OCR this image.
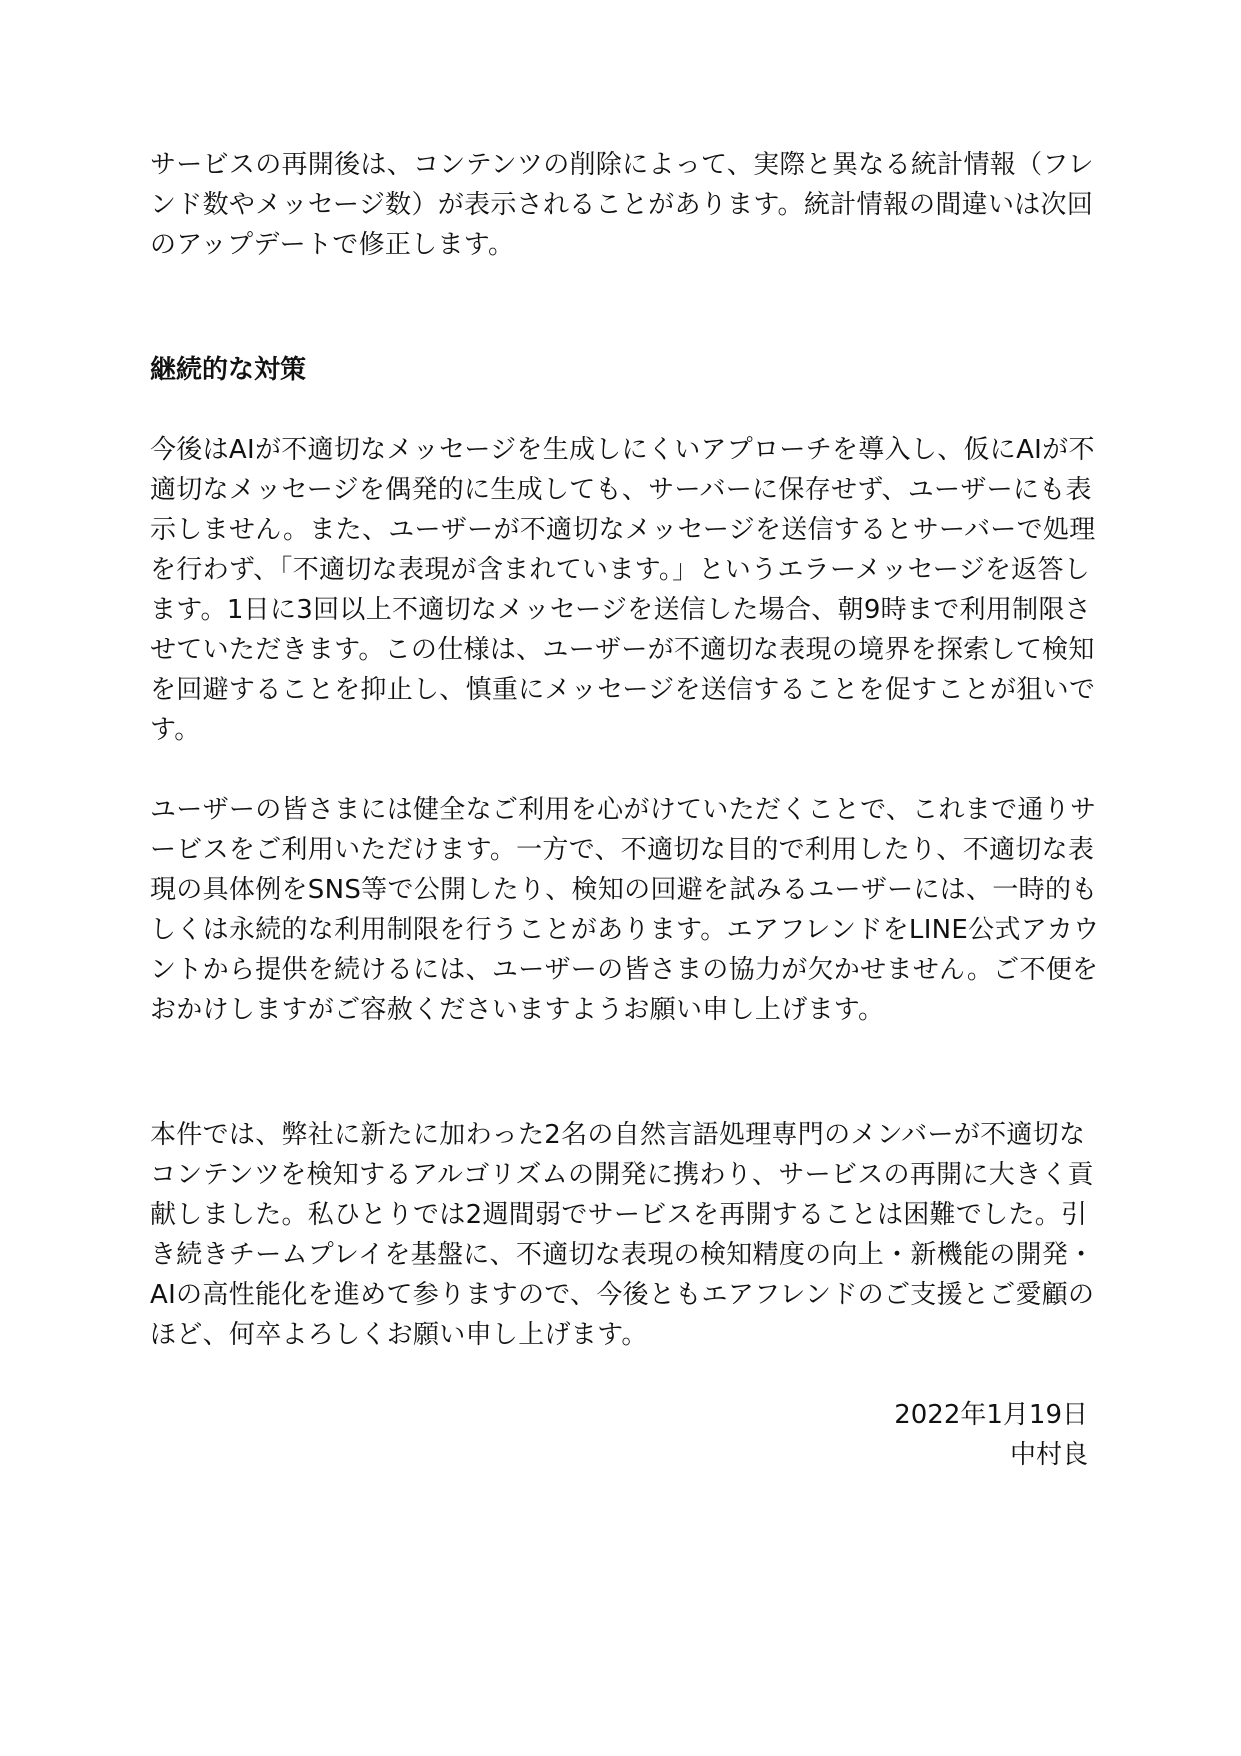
サービスの再開後は、コンテンツの削除によって、実際と異なる統計情報（フレンド数やメッセージ数）が表示されることがあります。統計情報の間違いは次回のアップデートで修正します。

継続的な対策

今後はAIが不適切なメッセージを生成しにくいアプローチを導入し、仮にAIが不適切なメッセージを偶発的に生成しても、サーバーに保存せず、ユーザーにも表示しません。また、ユーザーが不適切なメッセージを送信するとサーバーで処理を行わず、「不適切な表現が含まれています。」というエラーメッセージを返答します。1日に3回以上不適切なメッセージを送信した場合、朝9時まで利用制限させていただきます。この仕様は、ユーザーが不適切な表現の境界を探索して検知を回避することを抑止し、慎重にメッセージを送信することを促すことが狙いです。

ユーザーの皆さまには健全なご利用を心がけていただくことで、これまで通りサービスをご利用いただけます。一方で、不適切な目的で利用したり、不適切な表現の具体例をSNS等で公開したり、検知の回避を試みるユーザーには、一時的もしくは永続的な利用制限を行うことがあります。エアフレンドをLINE公式アカウントから提供を続けるには、ユーザーの皆さまの協力が欠かせません。ご不便をおかけしますがご容赦くださいますようお願い申し上げます。

本件では、弊社に新たに加わった2名の自然言語処理専門のメンバーが不適切なコンテンツを検知するアルゴリズムの開発に携わり、サービスの再開に大きく貢献しました。私ひとりでは2週間弱でサービスを再開することは困難でした。引き続きチームプレイを基盤に、不適切な表現の検知精度の向上・新機能の開発・AIの高性能化を進めて参りますので、今後ともエアフレンドのご支援とご愛顧のほど、何卒よろしくお願い申し上げます。

2022年1月19日
中村良
